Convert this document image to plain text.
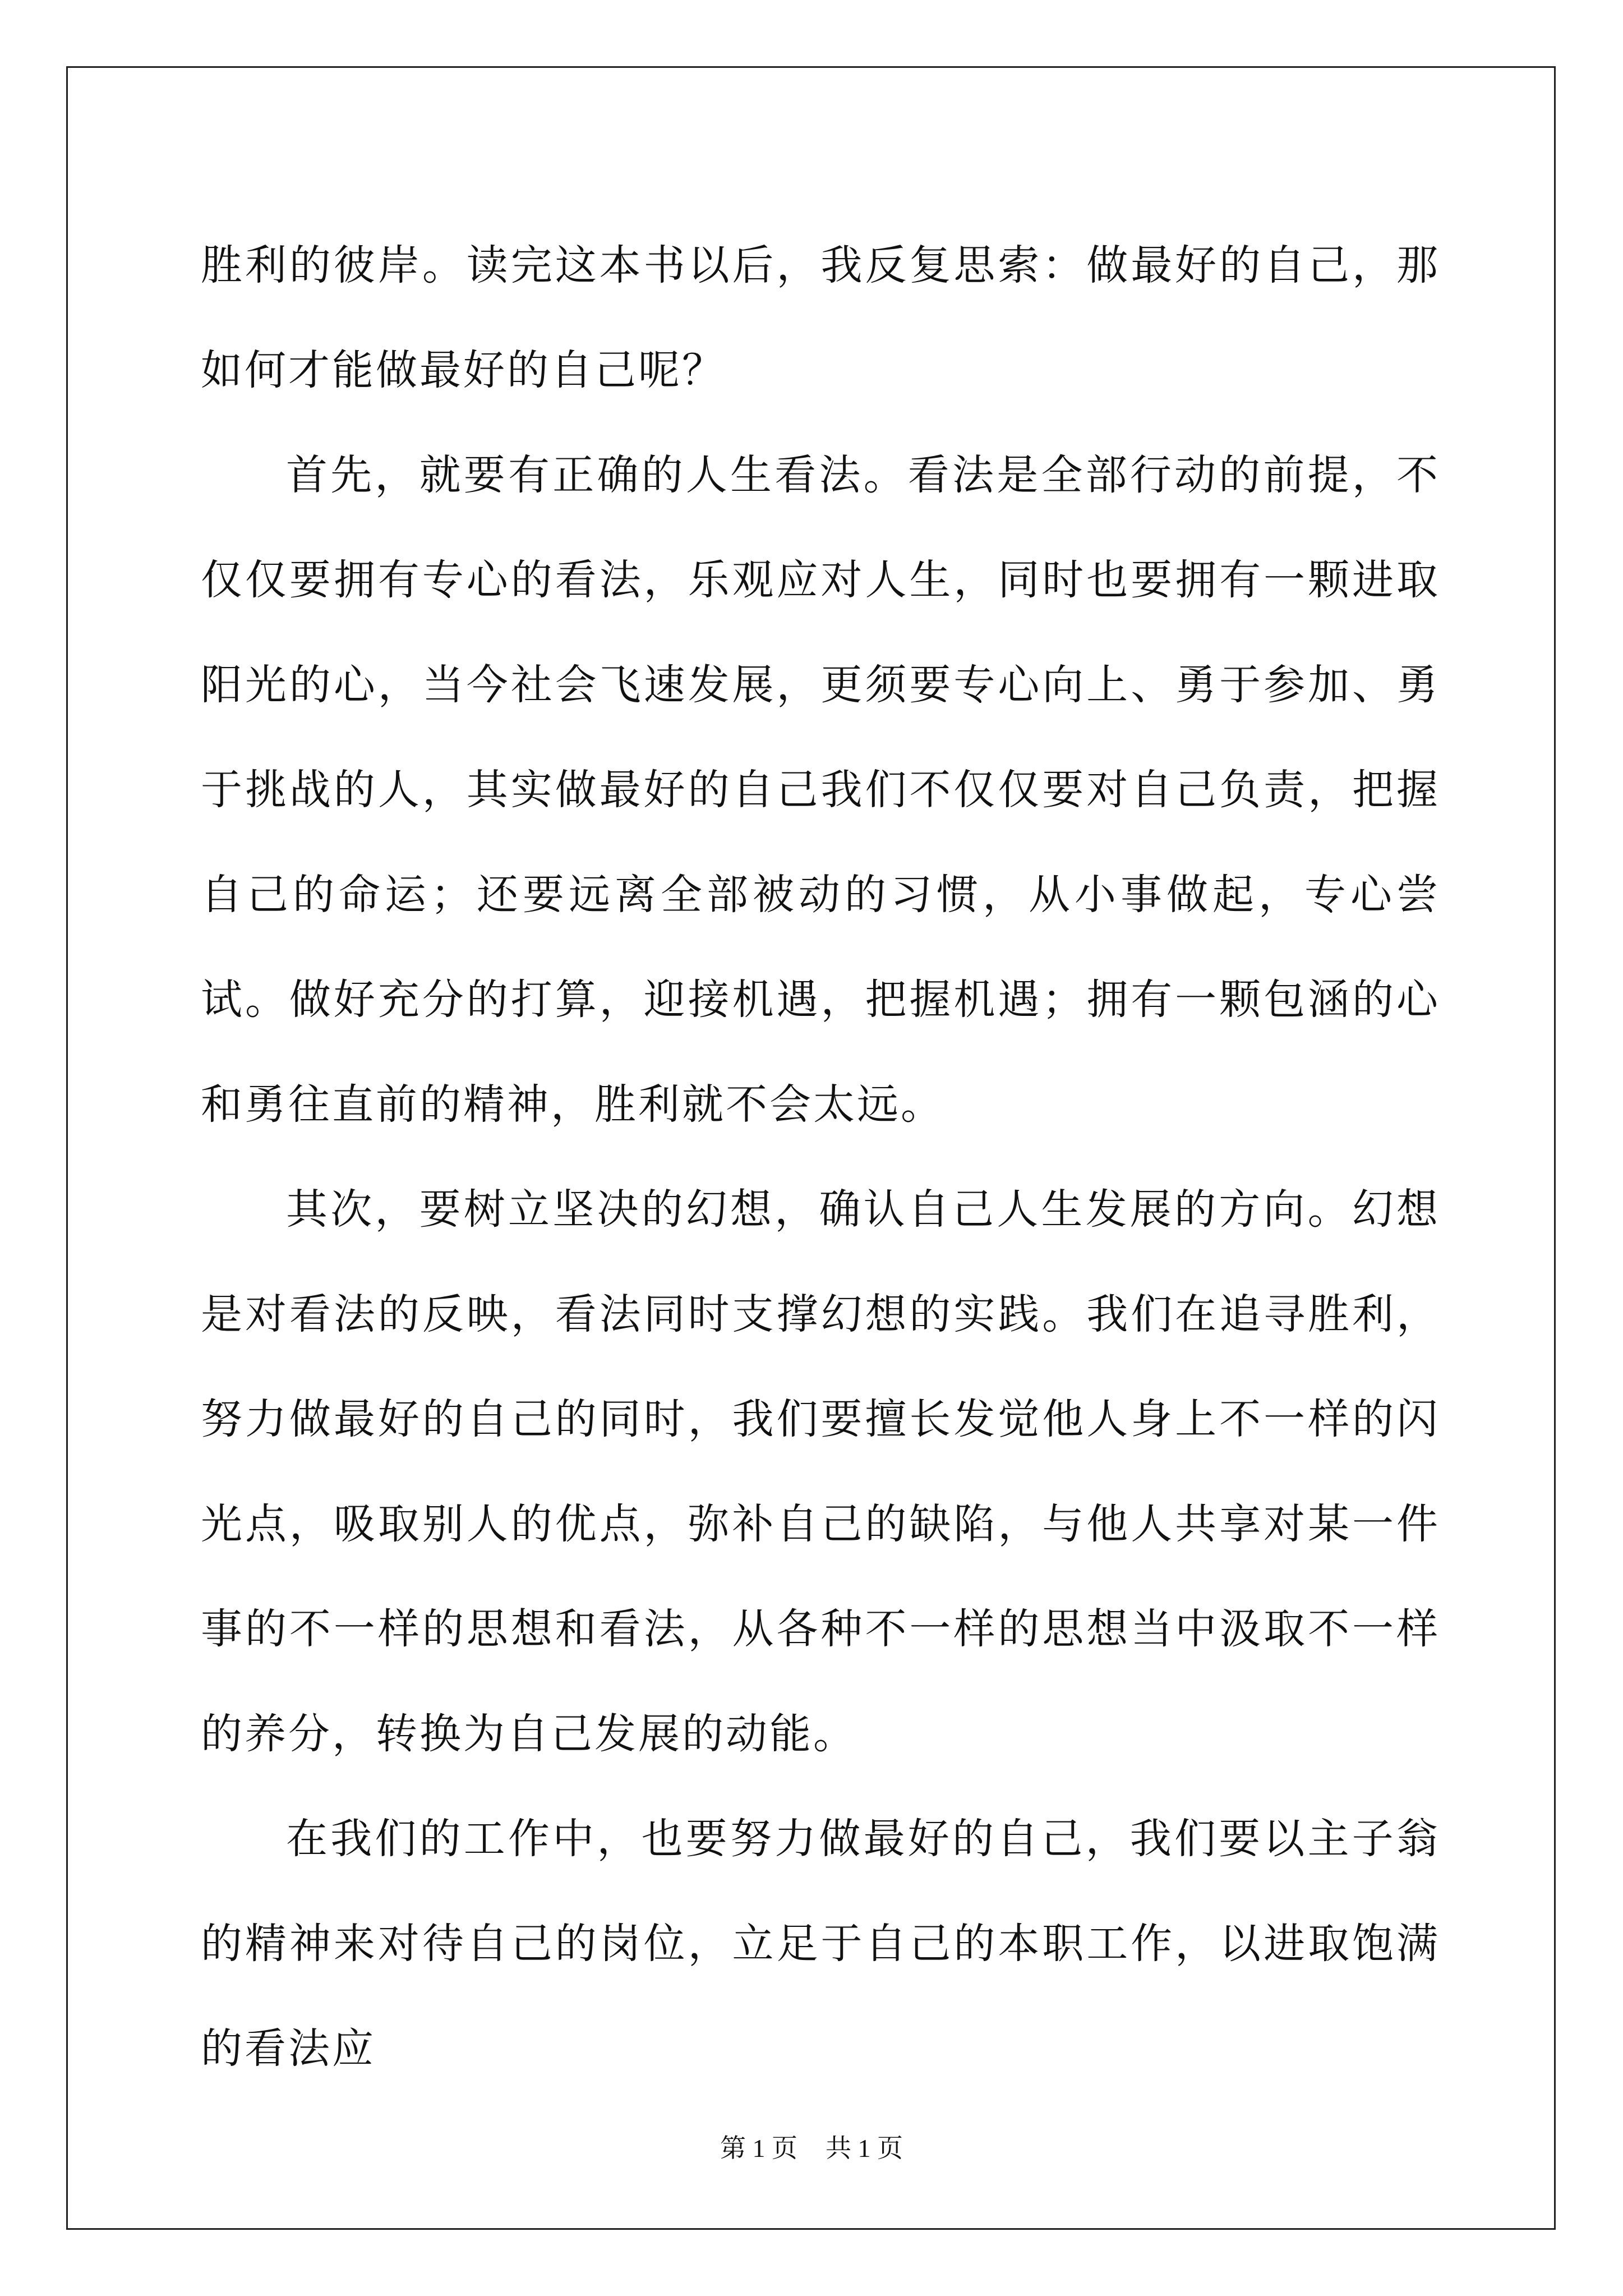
胜利的彼岸。读完这本书以后，我反复思索：做最好的自己，那如何才能做最好的自己呢？

首先，就要有正确的人生看法。看法是全部行动的前提，不仅仅要拥有专心的看法，乐观应对人生，同时也要拥有一颗进取阳光的心，当今社会飞速发展，更须要专心向上、勇于参加、勇于挑战的人，其实做最好的自己我们不仅仅要对自己负责，把握自己的命运；还要远离全部被动的习惯，从小事做起，专心尝试。做好充分的打算，迎接机遇，把握机遇；拥有一颗包涵的心和勇往直前的精神，胜利就不会太远。

其次，要树立坚决的幻想，确认自己人生发展的方向。幻想是对看法的反映，看法同时支撑幻想的实践。我们在追寻胜利，努力做最好的自己的同时，我们要擅长发觉他人身上不一样的闪光点，吸取别人的优点，弥补自己的缺陷，与他人共享对某一件事的不一样的思想和看法，从各种不一样的思想当中汲取不一样的养分，转换为自己发展的动能。

在我们的工作中，也要努力做最好的自己，我们要以主子翁的精神来对待自己的岗位，立足于自己的本职工作，以进取饱满的看法应

第 1 页 共 1 页
